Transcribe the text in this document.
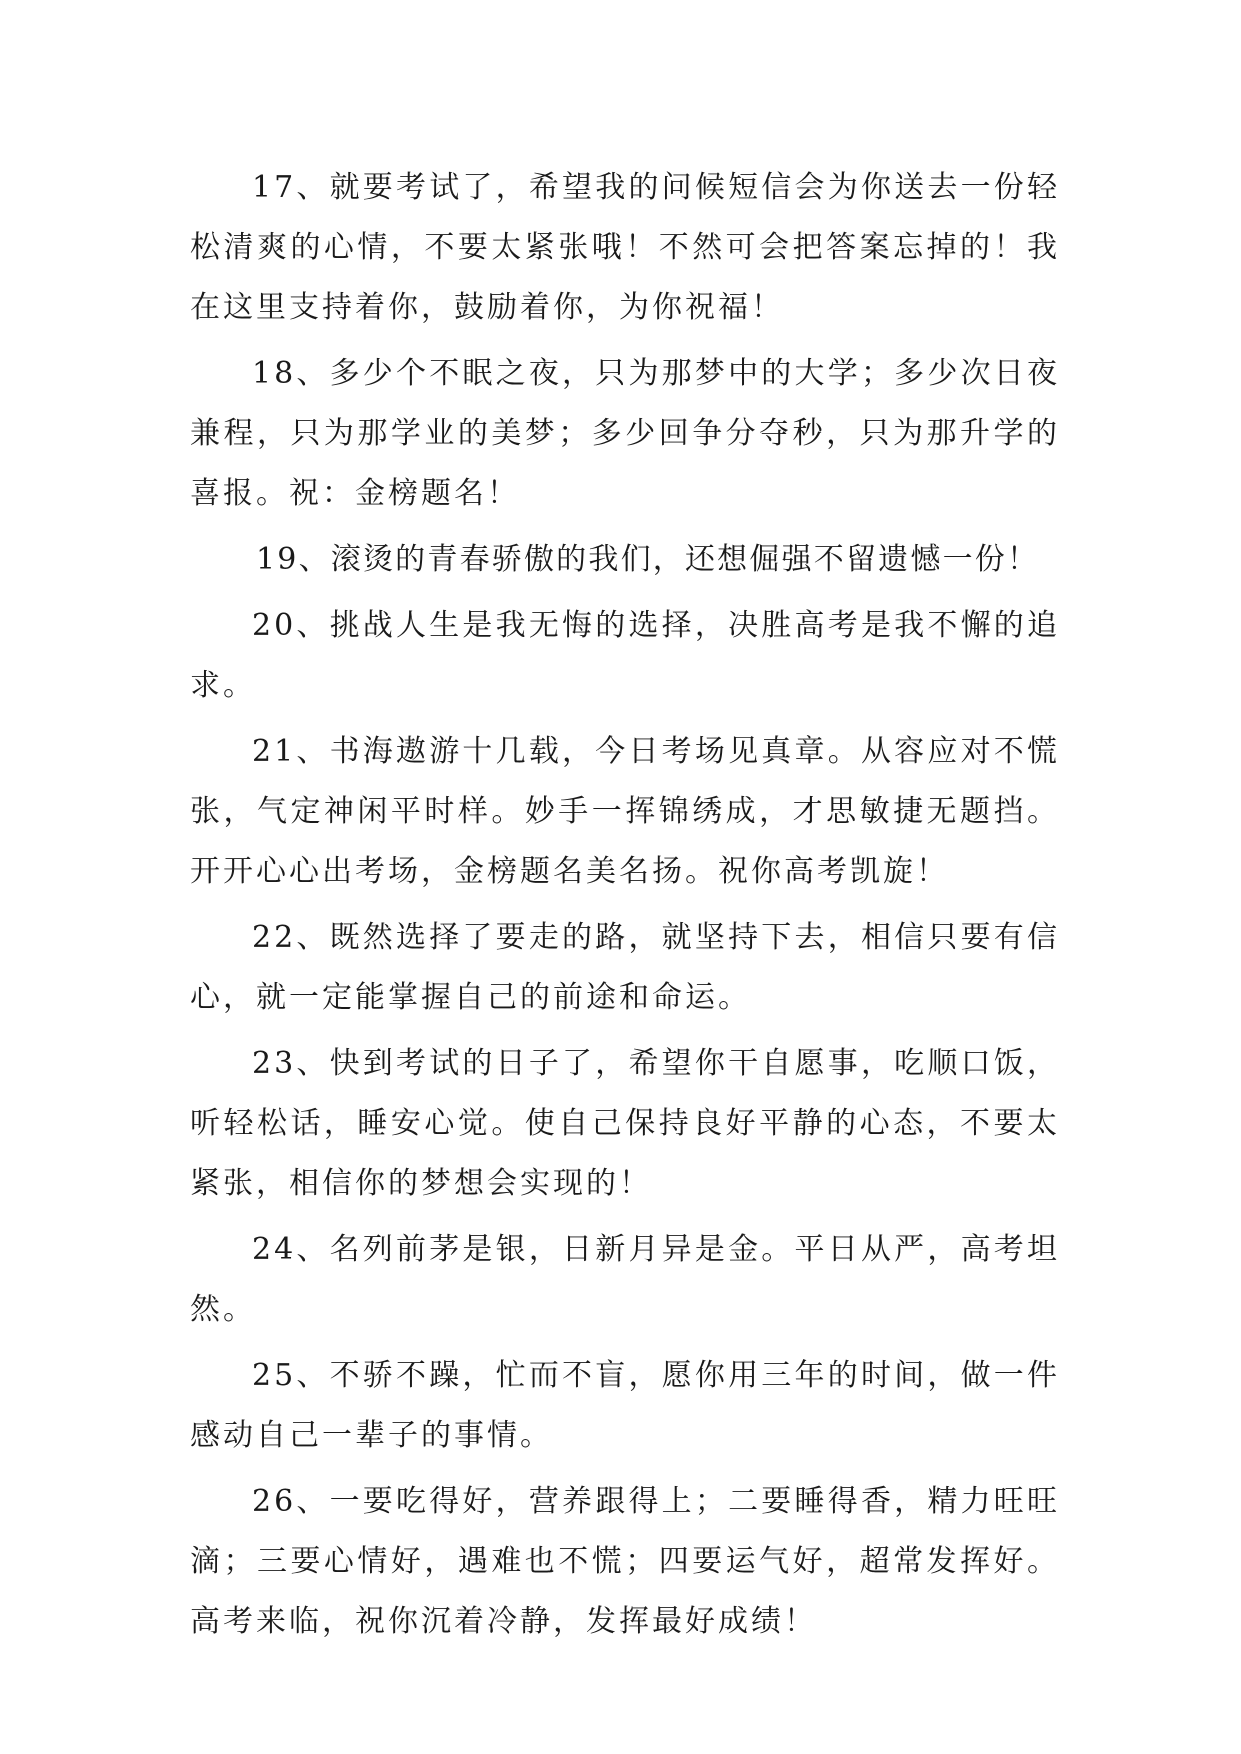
17、就要考试了，希望我的问候短信会为你送去一份轻松清爽的心情，不要太紧张哦！不然可会把答案忘掉的！我在这里支持着你，鼓励着你，为你祝福！

18、多少个不眠之夜，只为那梦中的大学；多少次日夜兼程，只为那学业的美梦；多少回争分夺秒，只为那升学的喜报。祝：金榜题名！

19、滚烫的青春骄傲的我们，还想倔强不留遗憾一份！

20、挑战人生是我无悔的选择，决胜高考是我不懈的追求。

21、书海遨游十几载，今日考场见真章。从容应对不慌张，气定神闲平时样。妙手一挥锦绣成，才思敏捷无题挡。开开心心出考场，金榜题名美名扬。祝你高考凯旋！

22、既然选择了要走的路，就坚持下去，相信只要有信心，就一定能掌握自己的前途和命运。

23、快到考试的日子了，希望你干自愿事，吃顺口饭，听轻松话，睡安心觉。使自己保持良好平静的心态，不要太紧张，相信你的梦想会实现的！

24、名列前茅是银，日新月异是金。平日从严，高考坦然。

25、不骄不躁，忙而不盲，愿你用三年的时间，做一件感动自己一辈子的事情。

26、一要吃得好，营养跟得上；二要睡得香，精力旺旺滴；三要心情好，遇难也不慌；四要运气好，超常发挥好。高考来临，祝你沉着冷静，发挥最好成绩！
